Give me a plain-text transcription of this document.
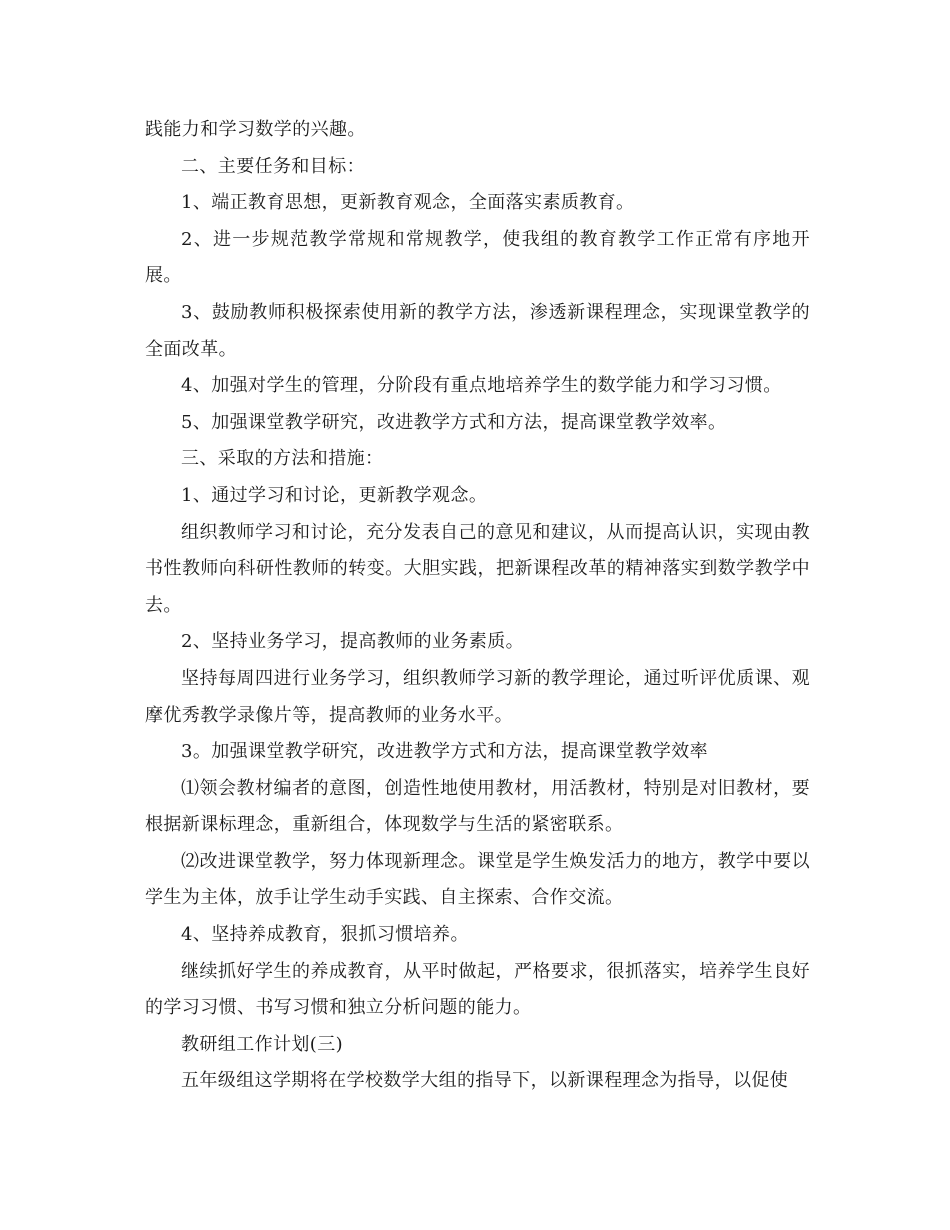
践能力和学习数学的兴趣。

二、主要任务和目标：

1、端正教育思想，更新教育观念，全面落实素质教育。

2、进一步规范教学常规和常规教学，使我组的教育教学工作正常有序地开展。

3、鼓励教师积极探索使用新的教学方法，渗透新课程理念，实现课堂教学的全面改革。

4、加强对学生的管理，分阶段有重点地培养学生的数学能力和学习习惯。

5、加强课堂教学研究，改进教学方式和方法，提高课堂教学效率。

三、采取的方法和措施：

1、通过学习和讨论，更新教学观念。

组织教师学习和讨论，充分发表自己的意见和建议，从而提高认识，实现由教书性教师向科研性教师的转变。大胆实践，把新课程改革的精神落实到数学教学中去。

2、坚持业务学习，提高教师的业务素质。

坚持每周四进行业务学习，组织教师学习新的教学理论，通过听评优质课、观摩优秀教学录像片等，提高教师的业务水平。

3。加强课堂教学研究，改进教学方式和方法，提高课堂教学效率

⑴领会教材编者的意图，创造性地使用教材，用活教材，特别是对旧教材，要根据新课标理念，重新组合，体现数学与生活的紧密联系。

⑵改进课堂教学，努力体现新理念。课堂是学生焕发活力的地方，教学中要以学生为主体，放手让学生动手实践、自主探索、合作交流。

4、坚持养成教育，狠抓习惯培养。

继续抓好学生的养成教育，从平时做起，严格要求，很抓落实，培养学生良好的学习习惯、书写习惯和独立分析问题的能力。

教研组工作计划(三)

五年级组这学期将在学校数学大组的指导下，以新课程理念为指导，以促使
